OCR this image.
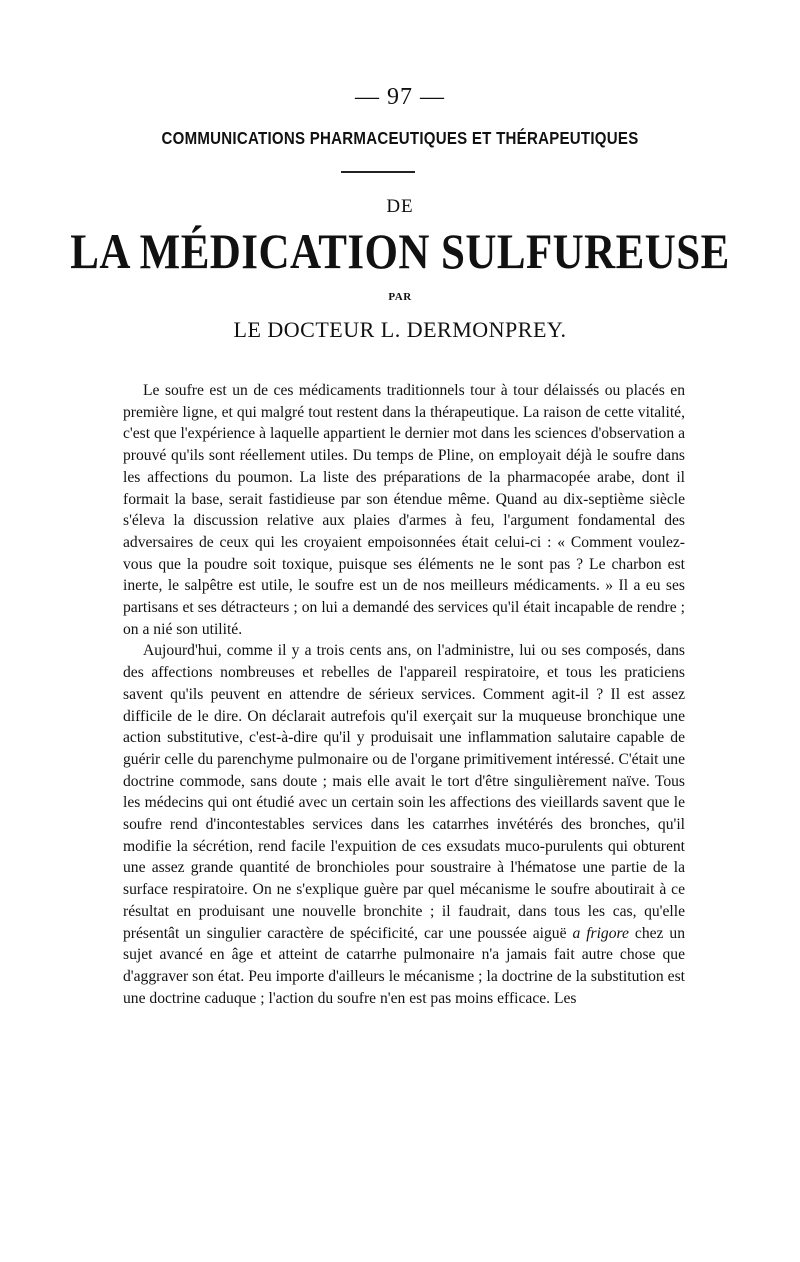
— 97 —
COMMUNICATIONS PHARMACEUTIQUES ET THÉRAPEUTIQUES
DE
LA MÉDICATION SULFUREUSE
PAR
LE DOCTEUR L. DERMONPREY.

Le soufre est un de ces médicaments traditionnels tour à tour délaissés ou placés en première ligne, et qui malgré tout restent dans la thérapeutique. La raison de cette vitalité, c'est que l'expérience à laquelle appartient le dernier mot dans les sciences d'observation a prouvé qu'ils sont réellement utiles. Du temps de Pline, on employait déjà le soufre dans les affections du poumon. La liste des préparations de la pharmacopée arabe, dont il formait la base, serait fastidieuse par son étendue même. Quand au dix-septième siècle s'éleva la discussion relative aux plaies d'armes à feu, l'argument fondamental des adversaires de ceux qui les croyaient empoisonnées était celui-ci : « Comment voulez-vous que la poudre soit toxique, puisque ses éléments ne le sont pas ? Le charbon est inerte, le salpêtre est utile, le soufre est un de nos meilleurs médicaments. » Il a eu ses partisans et ses détracteurs ; on lui a demandé des services qu'il était incapable de rendre ; on a nié son utilité.

Aujourd'hui, comme il y a trois cents ans, on l'administre, lui ou ses composés, dans des affections nombreuses et rebelles de l'appareil respiratoire, et tous les praticiens savent qu'ils peuvent en attendre de sérieux services. Comment agit-il ? Il est assez difficile de le dire. On déclarait autrefois qu'il exerçait sur la muqueuse bronchique une action substitutive, c'est-à-dire qu'il y produisait une inflammation salutaire capable de guérir celle du parenchyme pulmonaire ou de l'organe primitivement intéressé. C'était une doctrine commode, sans doute ; mais elle avait le tort d'être singulièrement naïve. Tous les médecins qui ont étudié avec un certain soin les affections des vieillards savent que le soufre rend d'incontestables services dans les catarrhes invétérés des bronches, qu'il modifie la sécrétion, rend facile l'expuition de ces exsudats muco-purulents qui obturent une assez grande quantité de bronchioles pour soustraire à l'hématose une partie de la surface respiratoire. On ne s'explique guère par quel mécanisme le soufre aboutirait à ce résultat en produisant une nouvelle bronchite ; il faudrait, dans tous les cas, qu'elle présentât un singulier caractère de spécificité, car une poussée aiguë a frigore chez un sujet avancé en âge et atteint de catarrhe pulmonaire n'a jamais fait autre chose que d'aggraver son état. Peu importe d'ailleurs le mécanisme ; la doctrine de la substitution est une doctrine caduque ; l'action du soufre n'en est pas moins efficace. Les
